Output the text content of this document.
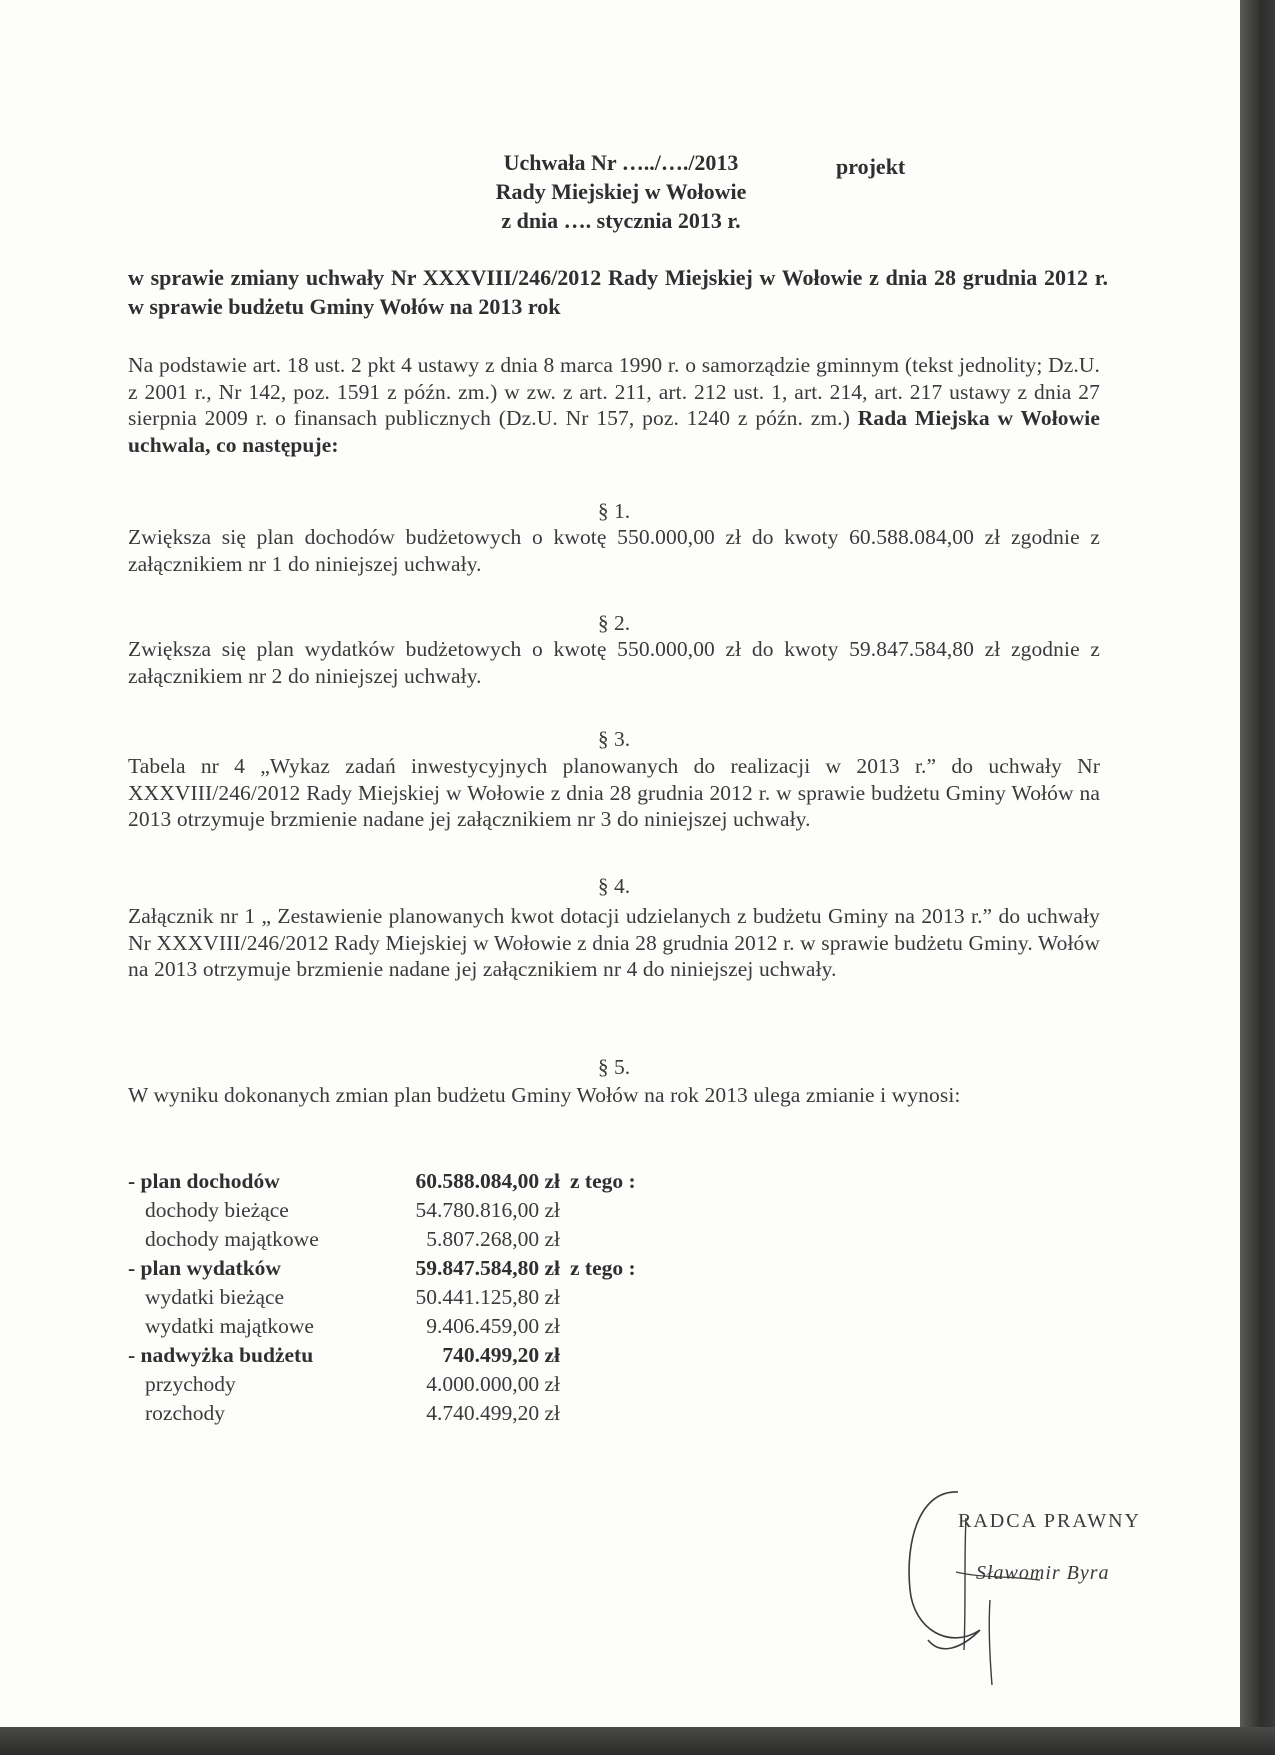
Uchwała Nr …../…./2013	projekt
Rady Miejskiej w Wołowie
z dnia …. stycznia 2013 r.
w sprawie zmiany uchwały Nr XXXVIII/246/2012 Rady Miejskiej w Wołowie z dnia 28 grudnia 2012 r. w sprawie budżetu Gminy Wołów na 2013 rok
Na podstawie art. 18 ust. 2 pkt 4 ustawy z dnia 8 marca 1990 r. o samorządzie gminnym (tekst jednolity; Dz.U. z 2001 r., Nr 142, poz. 1591 z późn. zm.) w zw. z art. 211, art. 212 ust. 1, art. 214, art. 217 ustawy z dnia 27 sierpnia 2009 r. o finansach publicznych (Dz.U. Nr 157, poz. 1240 z późn. zm.) Rada Miejska w Wołowie uchwala, co następuje:
§ 1.
Zwiększa się plan dochodów budżetowych o kwotę 550.000,00 zł do kwoty 60.588.084,00 zł zgodnie z załącznikiem nr 1 do niniejszej uchwały.
§ 2.
Zwiększa się plan wydatków budżetowych o kwotę 550.000,00 zł do kwoty 59.847.584,80 zł zgodnie z załącznikiem nr 2 do niniejszej uchwały.
§ 3.
Tabela nr 4 „Wykaz zadań inwestycyjnych planowanych do realizacji w 2013 r.” do uchwały Nr XXXVIII/246/2012 Rady Miejskiej w Wołowie z dnia 28 grudnia 2012 r. w sprawie budżetu Gminy Wołów na 2013 otrzymuje brzmienie nadane jej załącznikiem nr 3 do niniejszej uchwały.
§ 4.
Załącznik nr 1 „ Zestawienie planowanych kwot dotacji udzielanych z budżetu Gminy na 2013 r.” do uchwały Nr XXXVIII/246/2012 Rady Miejskiej w Wołowie z dnia 28 grudnia 2012 r. w sprawie budżetu Gminy. Wołów na 2013 otrzymuje brzmienie nadane jej załącznikiem nr 4 do niniejszej uchwały.
§ 5.
W wyniku dokonanych zmian plan budżetu Gminy Wołów na rok 2013 ulega zmianie i wynosi:
- plan dochodów	60.588.084,00 zł z tego :
dochody bieżące	54.780.816,00 zł
dochody majątkowe	5.807.268,00 zł
- plan wydatków	59.847.584,80 zł z tego :
wydatki bieżące	50.441.125,80 zł
wydatki majątkowe	9.406.459,00 zł
- nadwyżka budżetu	740.499,20 zł
przychody	4.000.000,00 zł
rozchody	4.740.499,20 zł
RADCA PRAWNY
Sławomir Byra
